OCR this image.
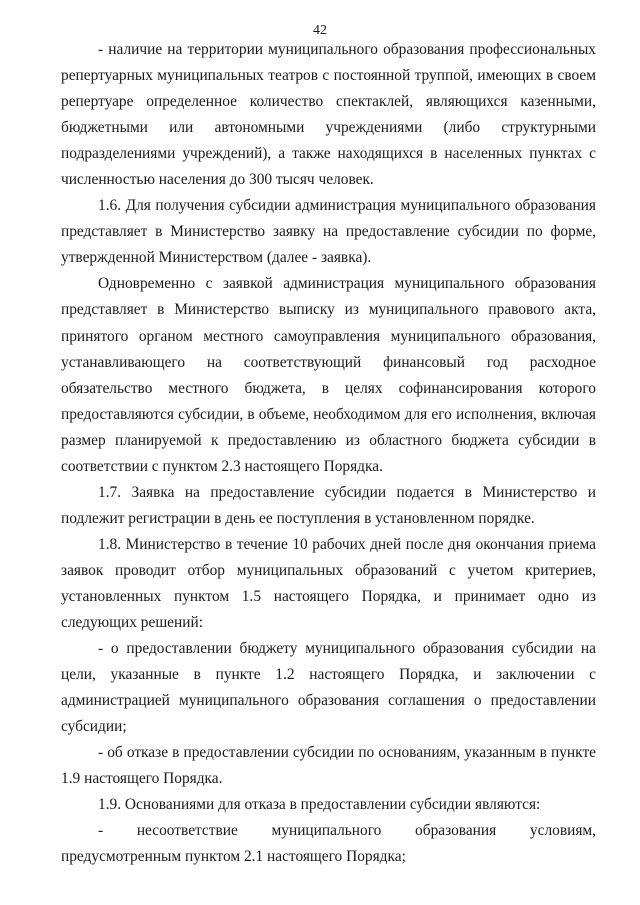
42

- наличие на территории муниципального образования профессиональных репертуарных муниципальных театров с постоянной труппой, имеющих в своем репертуаре определенное количество спектаклей, являющихся казенными, бюджетными или автономными учреждениями (либо структурными подразделениями учреждений), а также находящихся в населенных пунктах с численностью населения до 300 тысяч человек.

1.6. Для получения субсидии администрация муниципального образования представляет в Министерство заявку на предоставление субсидии по форме, утвержденной Министерством (далее - заявка).

Одновременно с заявкой администрация муниципального образования представляет в Министерство выписку из муниципального правового акта, принятого органом местного самоуправления муниципального образования, устанавливающего на соответствующий финансовый год расходное обязательство местного бюджета, в целях софинансирования которого предоставляются субсидии, в объеме, необходимом для его исполнения, включая размер планируемой к предоставлению из областного бюджета субсидии в соответствии с пунктом 2.3 настоящего Порядка.

1.7. Заявка на предоставление субсидии подается в Министерство и подлежит регистрации в день ее поступления в установленном порядке.

1.8. Министерство в течение 10 рабочих дней после дня окончания приема заявок проводит отбор муниципальных образований с учетом критериев, установленных пунктом 1.5 настоящего Порядка, и принимает одно из следующих решений:

- о предоставлении бюджету муниципального образования субсидии на цели, указанные в пункте 1.2 настоящего Порядка, и заключении с администрацией муниципального образования соглашения о предоставлении субсидии;

- об отказе в предоставлении субсидии по основаниям, указанным в пункте 1.9 настоящего Порядка.

1.9. Основаниями для отказа в предоставлении субсидии являются:

- несоответствие муниципального образования условиям, предусмотренным пунктом 2.1 настоящего Порядка;
